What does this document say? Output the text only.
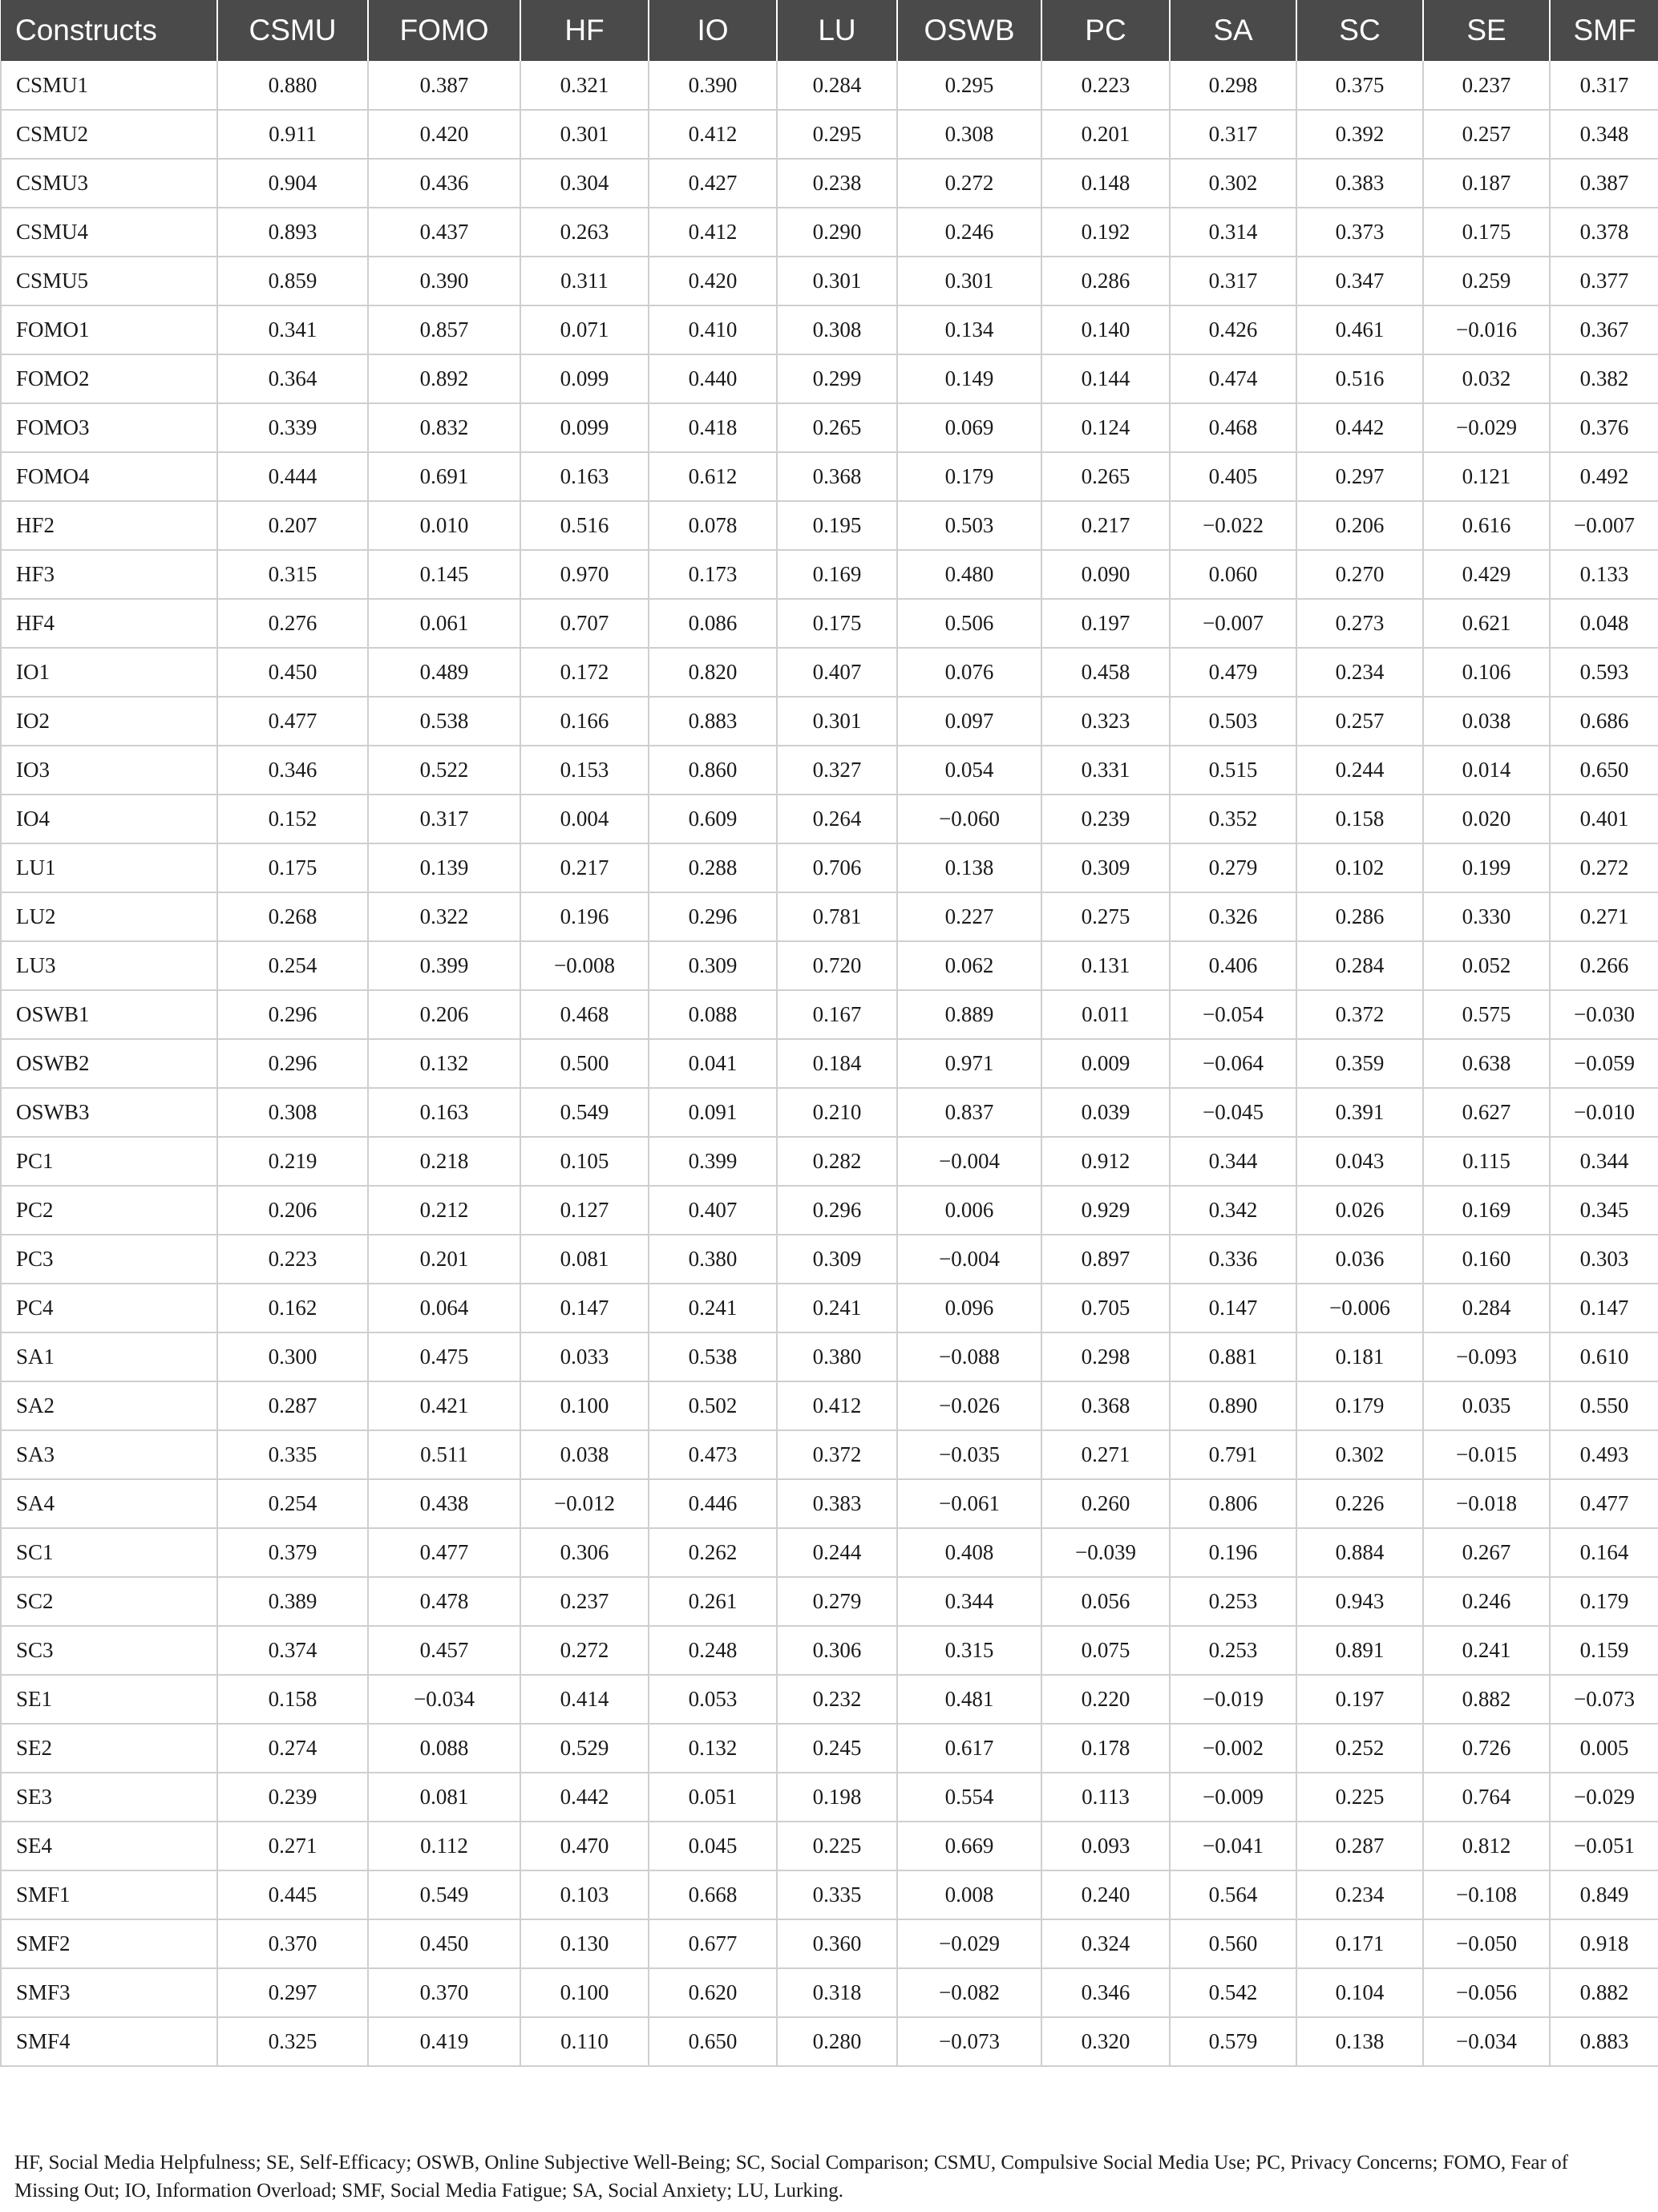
Constructs	CSMU	FOMO	HF	IO	LU	OSWB	PC	SA	SC	SE	SMF
CSMU1	0.880	0.387	0.321	0.390	0.284	0.295	0.223	0.298	0.375	0.237	0.317
CSMU2	0.911	0.420	0.301	0.412	0.295	0.308	0.201	0.317	0.392	0.257	0.348
CSMU3	0.904	0.436	0.304	0.427	0.238	0.272	0.148	0.302	0.383	0.187	0.387
CSMU4	0.893	0.437	0.263	0.412	0.290	0.246	0.192	0.314	0.373	0.175	0.378
CSMU5	0.859	0.390	0.311	0.420	0.301	0.301	0.286	0.317	0.347	0.259	0.377
FOMO1	0.341	0.857	0.071	0.410	0.308	0.134	0.140	0.426	0.461	−0.016	0.367
FOMO2	0.364	0.892	0.099	0.440	0.299	0.149	0.144	0.474	0.516	0.032	0.382
FOMO3	0.339	0.832	0.099	0.418	0.265	0.069	0.124	0.468	0.442	−0.029	0.376
FOMO4	0.444	0.691	0.163	0.612	0.368	0.179	0.265	0.405	0.297	0.121	0.492
HF2	0.207	0.010	0.516	0.078	0.195	0.503	0.217	−0.022	0.206	0.616	−0.007
HF3	0.315	0.145	0.970	0.173	0.169	0.480	0.090	0.060	0.270	0.429	0.133
HF4	0.276	0.061	0.707	0.086	0.175	0.506	0.197	−0.007	0.273	0.621	0.048
IO1	0.450	0.489	0.172	0.820	0.407	0.076	0.458	0.479	0.234	0.106	0.593
IO2	0.477	0.538	0.166	0.883	0.301	0.097	0.323	0.503	0.257	0.038	0.686
IO3	0.346	0.522	0.153	0.860	0.327	0.054	0.331	0.515	0.244	0.014	0.650
IO4	0.152	0.317	0.004	0.609	0.264	−0.060	0.239	0.352	0.158	0.020	0.401
LU1	0.175	0.139	0.217	0.288	0.706	0.138	0.309	0.279	0.102	0.199	0.272
LU2	0.268	0.322	0.196	0.296	0.781	0.227	0.275	0.326	0.286	0.330	0.271
LU3	0.254	0.399	−0.008	0.309	0.720	0.062	0.131	0.406	0.284	0.052	0.266
OSWB1	0.296	0.206	0.468	0.088	0.167	0.889	0.011	−0.054	0.372	0.575	−0.030
OSWB2	0.296	0.132	0.500	0.041	0.184	0.971	0.009	−0.064	0.359	0.638	−0.059
OSWB3	0.308	0.163	0.549	0.091	0.210	0.837	0.039	−0.045	0.391	0.627	−0.010
PC1	0.219	0.218	0.105	0.399	0.282	−0.004	0.912	0.344	0.043	0.115	0.344
PC2	0.206	0.212	0.127	0.407	0.296	0.006	0.929	0.342	0.026	0.169	0.345
PC3	0.223	0.201	0.081	0.380	0.309	−0.004	0.897	0.336	0.036	0.160	0.303
PC4	0.162	0.064	0.147	0.241	0.241	0.096	0.705	0.147	−0.006	0.284	0.147
SA1	0.300	0.475	0.033	0.538	0.380	−0.088	0.298	0.881	0.181	−0.093	0.610
SA2	0.287	0.421	0.100	0.502	0.412	−0.026	0.368	0.890	0.179	0.035	0.550
SA3	0.335	0.511	0.038	0.473	0.372	−0.035	0.271	0.791	0.302	−0.015	0.493
SA4	0.254	0.438	−0.012	0.446	0.383	−0.061	0.260	0.806	0.226	−0.018	0.477
SC1	0.379	0.477	0.306	0.262	0.244	0.408	−0.039	0.196	0.884	0.267	0.164
SC2	0.389	0.478	0.237	0.261	0.279	0.344	0.056	0.253	0.943	0.246	0.179
SC3	0.374	0.457	0.272	0.248	0.306	0.315	0.075	0.253	0.891	0.241	0.159
SE1	0.158	−0.034	0.414	0.053	0.232	0.481	0.220	−0.019	0.197	0.882	−0.073
SE2	0.274	0.088	0.529	0.132	0.245	0.617	0.178	−0.002	0.252	0.726	0.005
SE3	0.239	0.081	0.442	0.051	0.198	0.554	0.113	−0.009	0.225	0.764	−0.029
SE4	0.271	0.112	0.470	0.045	0.225	0.669	0.093	−0.041	0.287	0.812	−0.051
SMF1	0.445	0.549	0.103	0.668	0.335	0.008	0.240	0.564	0.234	−0.108	0.849
SMF2	0.370	0.450	0.130	0.677	0.360	−0.029	0.324	0.560	0.171	−0.050	0.918
SMF3	0.297	0.370	0.100	0.620	0.318	−0.082	0.346	0.542	0.104	−0.056	0.882
SMF4	0.325	0.419	0.110	0.650	0.280	−0.073	0.320	0.579	0.138	−0.034	0.883

HF, Social Media Helpfulness; SE, Self-Efficacy; OSWB, Online Subjective Well-Being; SC, Social Comparison; CSMU, Compulsive Social Media Use; PC, Privacy Concerns; FOMO, Fear of Missing Out; IO, Information Overload; SMF, Social Media Fatigue; SA, Social Anxiety; LU, Lurking.
